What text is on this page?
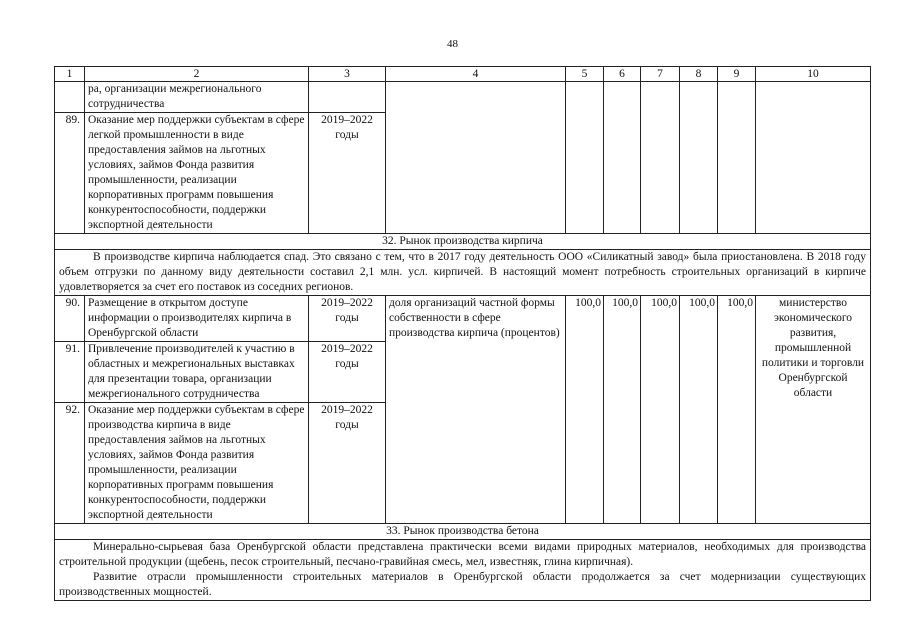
48
1	2	3	4	5	6	7	8	9	10
	ра, организации межрегионального сотрудничества								
89.	Оказание мер поддержки субъектам в сфере легкой промышленности в виде предоставления займов на льготных условиях, займов Фонда развития промышленности, реализации корпоративных программ повышения конкурентоспособности, поддержки экспортной деятельности	2019–2022 годы							
32. Рынок производства кирпича									
В производстве кирпича наблюдается спад. Это связано с тем, что в 2017 году деятельность ООО «Силикатный завод» была приостановлена. В 2018 году объем отгрузки по данному виду деятельности составил 2,1 млн. усл. кирпичей. В настоящий момент потребность строительных организаций в кирпиче удовлетворяется за счет его поставок из соседних регионов.									
90.	Размещение в открытом доступе информации о производителях кирпича в Оренбургской области	2019–2022 годы	доля организаций частной формы собственности в сфере производства кирпича (процентов)	100,0	100,0	100,0	100,0	100,0	министерство экономического развития, промышленной политики и торговли Оренбургской области
91.	Привлечение производителей к участию в областных и межрегиональных выставках для презентации товара, организации межрегионального сотрудничества	2019–2022 годы							
92.	Оказание мер поддержки субъектам в сфере производства кирпича в виде предоставления займов на льготных условиях, займов Фонда развития промышленности, реализации корпоративных программ повышения конкурентоспособности, поддержки экспортной деятельности	2019–2022 годы							
33. Рынок производства бетона									

Минерально-сырьевая база Оренбургской области представлена практически всеми видами природных материалов, необходимых для производства строительной продукции (щебень, песок строительный, песчано-гравийная смесь, мел, известняк, глина кирпичная).
Развитие отрасли промышленности строительных материалов в Оренбургской области продолжается за счет модернизации существующих производственных мощностей.									
